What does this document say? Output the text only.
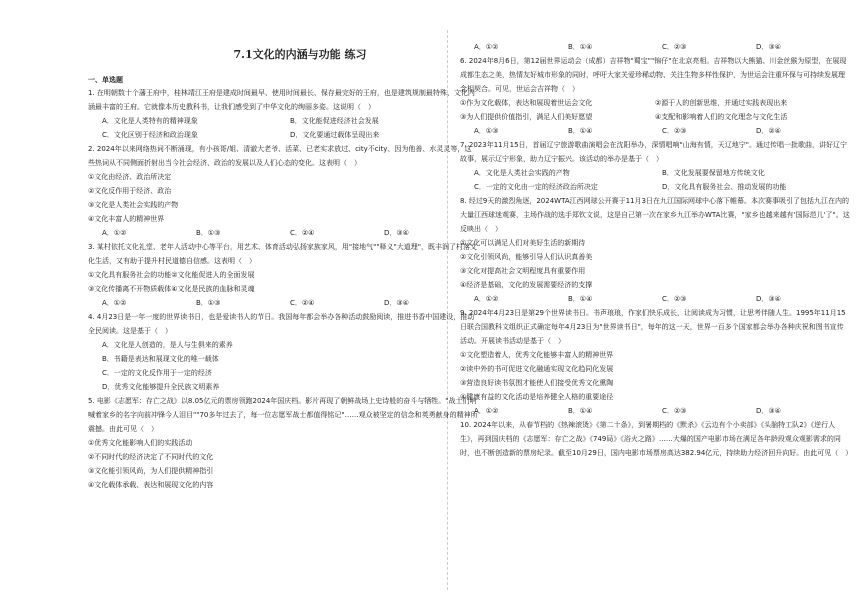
7.1文化的内涵与功能 练习
一、单选题
1. 在明朝数十个藩王府中，桂林靖江王府是建成时间最早、使用时间最长、保存最完好的王府，也是建筑规制最特殊、文化内涵最丰富的王府。它就像本历史教科书，让我们感受到了中华文化的绚丽多姿。这说明（　）
A．文化是人类特有的精神现象	B．文化能促进经济社会发展
C．文化区别于经济和政治现象	D．文化要通过载体呈现出来
2. 2024年以来网络热词不断涌现，有小孩哥/姐、清澈大老爷、活菜、已老实求放过、city不city、因为他善、水灵灵等，这些热词从不同侧面折射出当今社会经济、政治的发展以及人们心态的变化。这表明（　）
①文化由经济、政治所决定
②文化反作用于经济、政治
③文化是人类社会实践的产物
④文化丰富人的精神世界
A．①②	B．①③	C．②④	D．③④
3. 某村依托文化礼堂、老年人活动中心等平台，用艺术、体育活动弘扬家族家风，用"接地气""释义"大道理"，既丰润了村落文化生活，又有助于提升村民道德自信感。这表明（　）
①文化具有服务社会的功能②文化能促进人的全面发展
③文化传播离不开物质载体④文化是民族的血脉和灵魂
A．①②	B．①③	C．②④	D．③④
4. 4月23日是一年一度的世界读书日，也是爱读书人的节日。我国每年都会举办各种活动鼓励阅读，推进书香中国建设，推动全民阅读。这是基于（　）
A．文化是人创造的，是人与生俱来的素养
B．书籍是表达和展现文化的唯一载体
C．一定的文化反作用于一定的经济
D．优秀文化能够提升全民族文明素养
5. 电影《志愿军：存亡之战》以8.05亿元的票房领跑2024年国庆档。影片再现了朝鲜战场上史诗般的奋斗与牺牲。"战士们呐喊着家乡的名字向前冲锋今人泪目""70多年过去了，每一位志愿军战士都值得铭记"……观众被坚定的信念和英勇献身的精神所震撼。由此可见（　）
①优秀文化能影响人们的实践活动
②不同时代的经济决定了不同时代的文化
③文化能引领风尚，为人们提供精神指引
④文化载体承载、表达和展现文化的内容
A．①②	B．①④	C．②③	D．③④
6. 2024年8月6日，第12届世界运动会（成都）吉祥物"蜀宝""锦仔"在北京亮相。吉祥物以大熊猫、川金丝猴为原型，在展现成都生态之美，热情友好城市形象的同时，呼吁大家关爱珍稀动物、关注生物多样性保护，为世运会注重环保与可持续发展理念相契合。可见，世运会吉祥物（　）
①作为文化载体，表达和展现着世运会文化	②源于人的创新思维，并通过实践表现出来
③为人们提供价值指引，满足人们美好愿望	④支配和影响着人们的文化理念与文化生活
A．①③	B．①④	C．②③	D．②④
7. 2023年11月15日，首届辽宁旅游歌曲演唱会在沈阳举办，深情唱响"山海有情，天辽地宁"。通过传唱一批歌曲，讲好辽宁故事，展示辽宁形象，助力辽宁振兴。该活动的举办是基于（　）
A．文化是人类社会实践的产物	B．文化发展要保留地方传统文化
C．一定的文化由一定的经济政治所决定	D．文化具有服务社会、推动发展的功能
8. 经过9天的激烈角逐，2024WTA江西网球公开赛于11月3日在九江国际网球中心落下帷幕。本次赛事吸引了包括九江在内的大量江西球迷观赛，主场作战的选手郑钦文说，这是自己第一次在家乡九江举办WTA比赛，"家乡也越来越有'国际范儿'了"。这反映出（　）
①文化可以满足人们对美好生活的新期待
②文化引领风尚，能够引导人们认识真善美
③文化对提高社会文明程度具有重要作用
④经济是基础，文化的发展需要经济的支撑
A．①②	B．①④	C．②③	D．③④
9. 2024年4月23日是第29个世界读书日。书声琅琅，作家们快乐成长，让阅读成为习惯，让思考伴随人生。1995年11月15日联合国教科文组织正式确定每年4月23日为"世界读书日"，每年的这一天，世界一百多个国家都会举办各种庆祝和图书宣传活动。开展读书活动是基于（　）
①文化塑造着人，优秀文化能够丰富人的精神世界
②读中外的书可促进文化融通实现文化趋同化发展
③营造良好读书氛围才能使人们接受优秀文化熏陶
④健康有益的文化活动是培养健全人格的重要途径
A．①②	B．①④	C．②③	D．③④
10. 2024年以来，从春节档的《热辣滚烫》《第二十条》，到暑期档的《默杀》《云边有个小卖部》《头脑特工队2》《逆行人生》，再到国庆档的《志愿军：存亡之战》《749局》《浴火之路》……大爆的国产电影市场在满足各年龄段观众观影需求的同时，也不断创造新的票房纪录。截至10月29日，国内电影市场票房高达382.94亿元，持续助力经济回升向好。由此可见（　）
